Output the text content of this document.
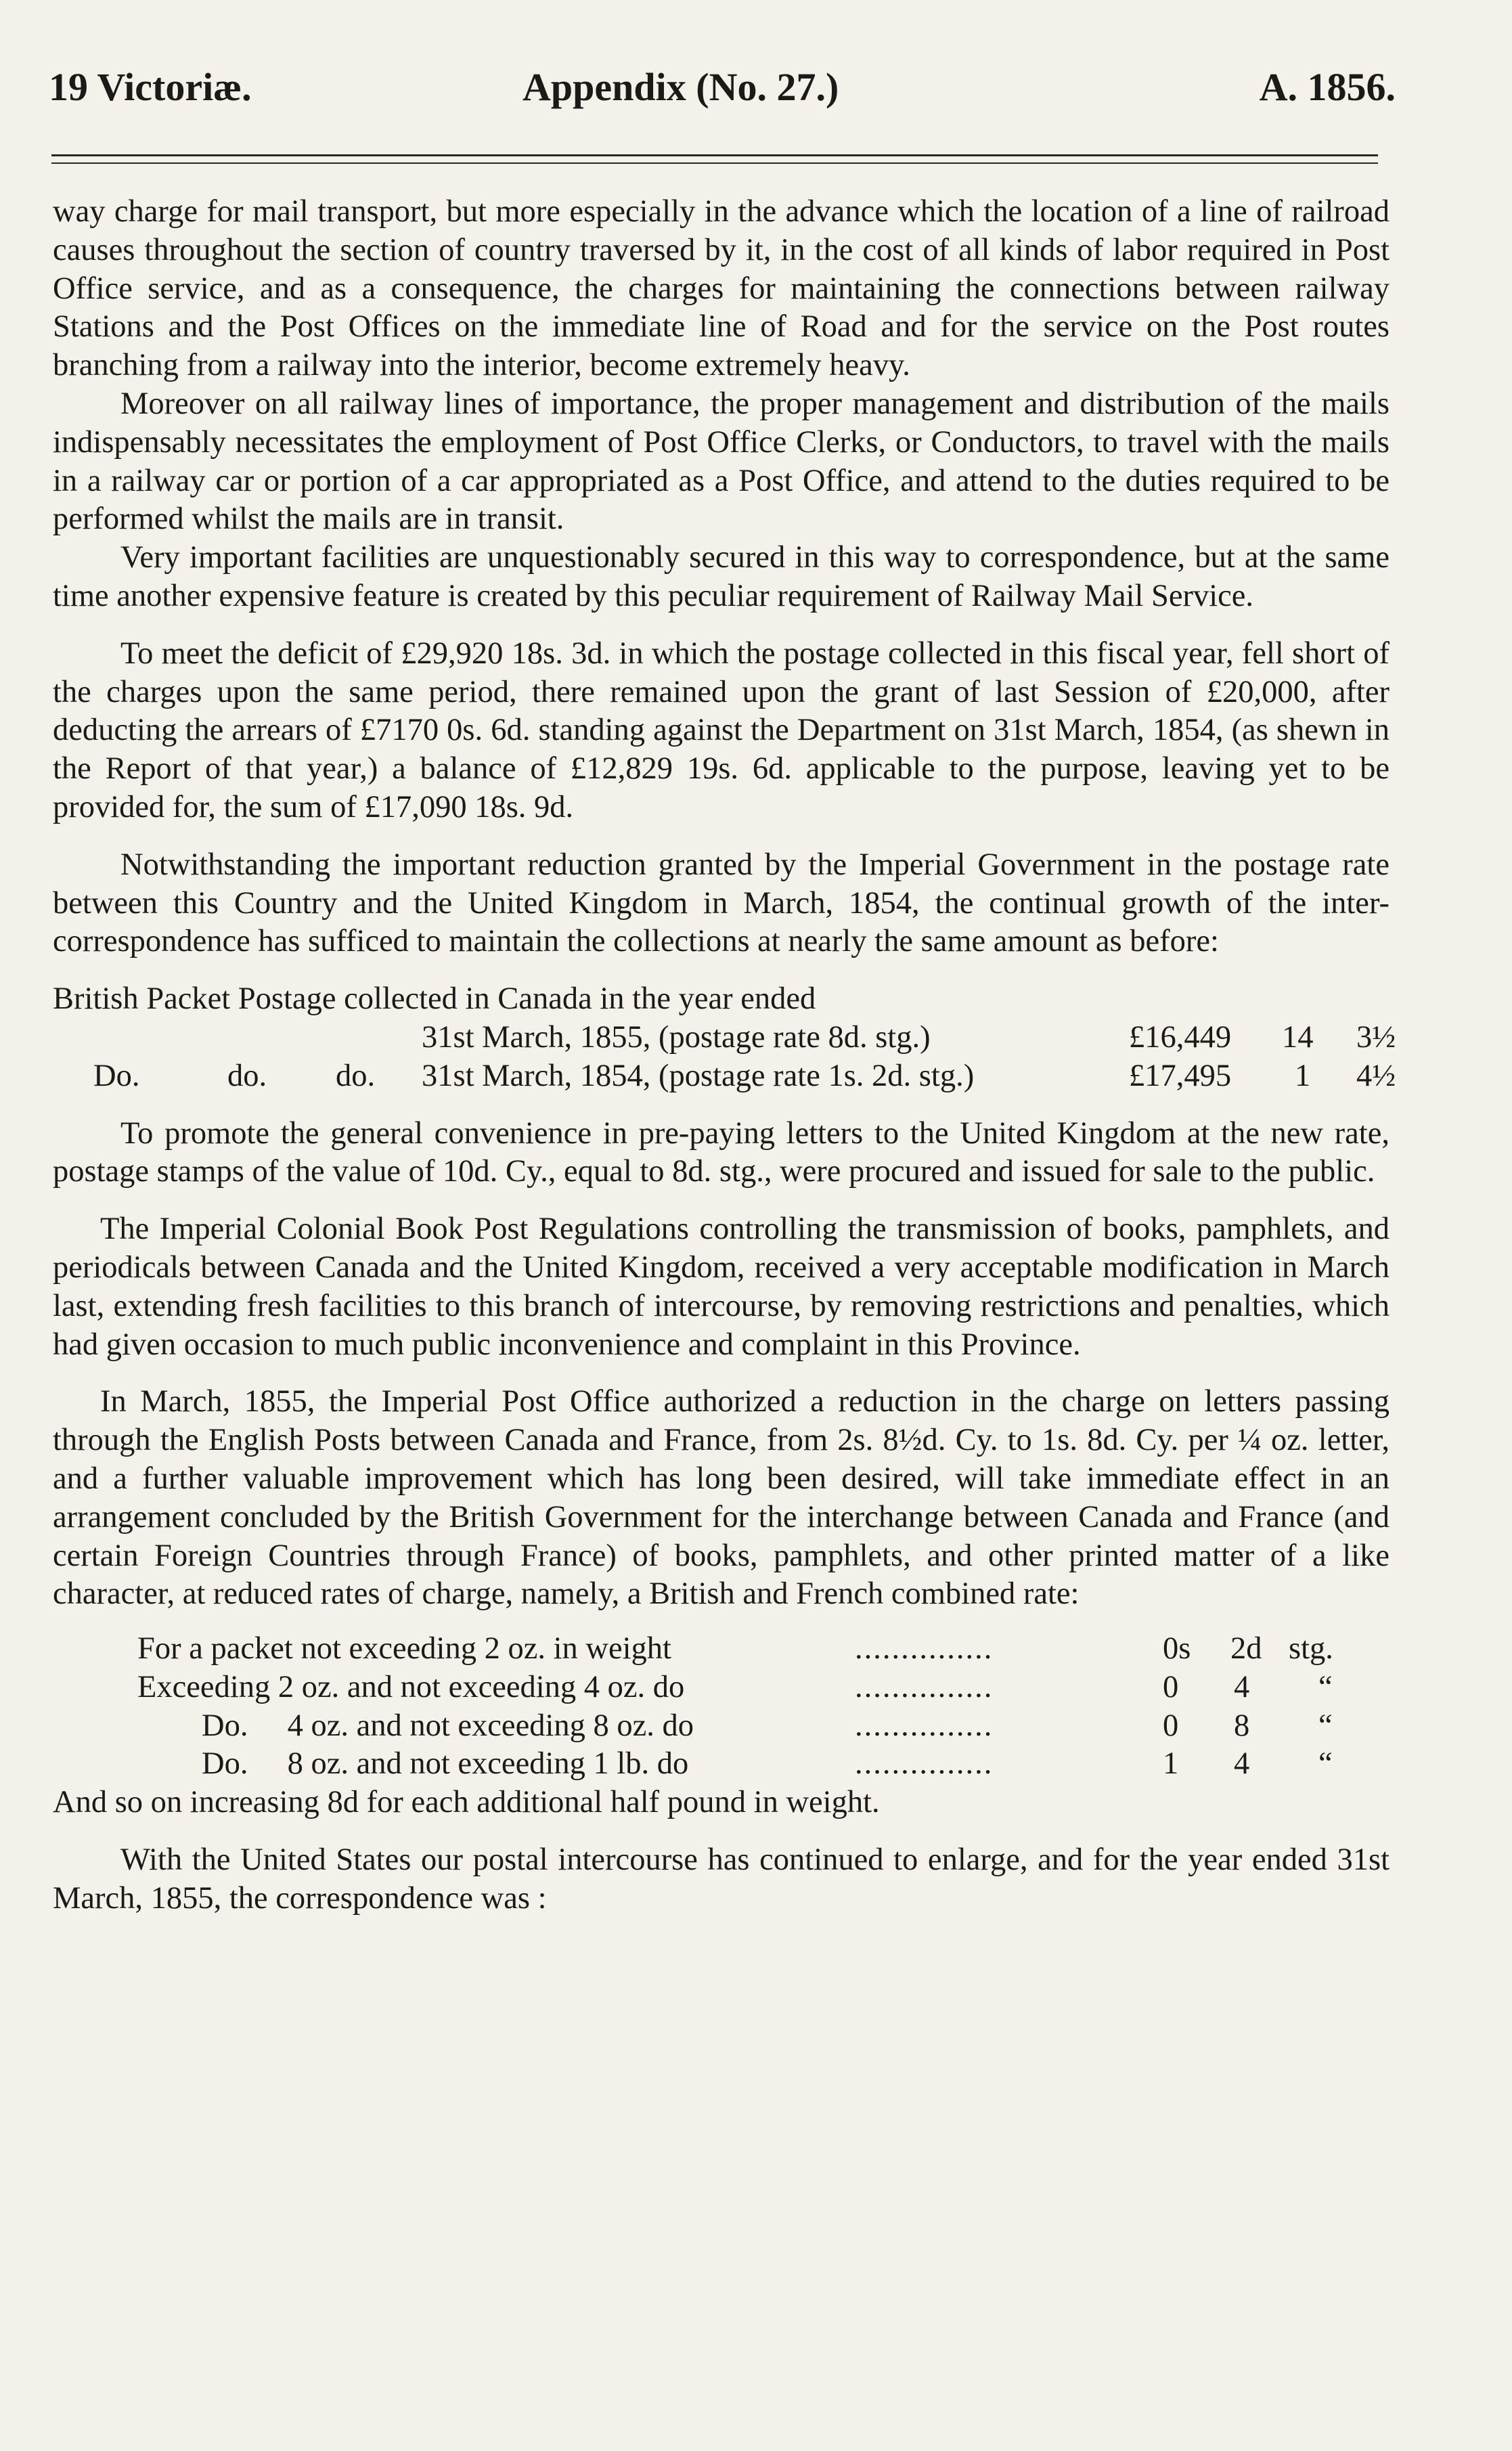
19 Victoriæ.	Appendix (No. 27.)	A. 1856.

way charge for mail transport, but more especially in the advance which the location of a line of railroad causes throughout the section of country traversed by it, in the cost of all kinds of labor required in Post Office service, and as a consequence, the charges for maintaining the connections between railway Stations and the Post Offices on the immediate line of Road and for the service on the Post routes branching from a railway into the interior, become extremely heavy.

Moreover on all railway lines of importance, the proper management and distribution of the mails indispensably necessitates the employment of Post Office Clerks, or Conductors, to travel with the mails in a railway car or portion of a car appropriated as a Post Office, and attend to the duties required to be performed whilst the mails are in transit.

Very important facilities are unquestionably secured in this way to correspondence, but at the same time another expensive feature is created by this peculiar requirement of Railway Mail Service.

To meet the deficit of £29,920 18s. 3d. in which the postage collected in this fiscal year, fell short of the charges upon the same period, there remained upon the grant of last Session of £20,000, after deducting the arrears of £7170 0s. 6d. standing against the Department on 31st March, 1854, (as shewn in the Report of that year,) a balance of £12,829 19s. 6d. applicable to the purpose, leaving yet to be provided for, the sum of £17,090 18s. 9d.

Notwithstanding the important reduction granted by the Imperial Government in the postage rate between this Country and the United Kingdom in March, 1854, the continual growth of the inter-correspondence has sufficed to maintain the collections at nearly the same amount as before:

British Packet Postage collected in Canada in the year ended

31st March, 1855, (postage rate 8d. stg.)	£16,449 14 3½
Do.	do. do. 31st March, 1854, (postage rate 1s. 2d. stg.)	£17,495 1 4½

To promote the general convenience in pre-paying letters to the United Kingdom at the new rate, postage stamps of the value of 10d. Cy., equal to 8d. stg., were procured and issued for sale to the public.

The Imperial Colonial Book Post Regulations controlling the transmission of books, pamphlets, and periodicals between Canada and the United Kingdom, received a very acceptable modification in March last, extending fresh facilities to this branch of intercourse, by removing restrictions and penalties, which had given occasion to much public inconvenience and complaint in this Province.

In March, 1855, the Imperial Post Office authorized a reduction in the charge on letters passing through the English Posts between Canada and France, from 2s. 8½d. Cy. to 1s. 8d. Cy. per ¼ oz. letter, and a further valuable improvement which has long been desired, will take immediate effect in an arrangement concluded by the British Government for the interchange between Canada and France (and certain Foreign Countries through France) of books, pamphlets, and other printed matter of a like character, at reduced rates of charge, namely, a British and French combined rate:

For a packet not exceeding 2 oz. in weight	...............	0s 2d stg.
Exceeding 2 oz. and not exceeding 4 oz. do	...............	0 4 “
Do.     4 oz. and not exceeding 8 oz. do	...............	0 8 “
Do.     8 oz. and not exceeding 1 lb. do	...............	1 4 “

And so on increasing 8d for each additional half pound in weight.

With the United States our postal intercourse has continued to enlarge, and for the year ended 31st March, 1855, the correspondence was :
